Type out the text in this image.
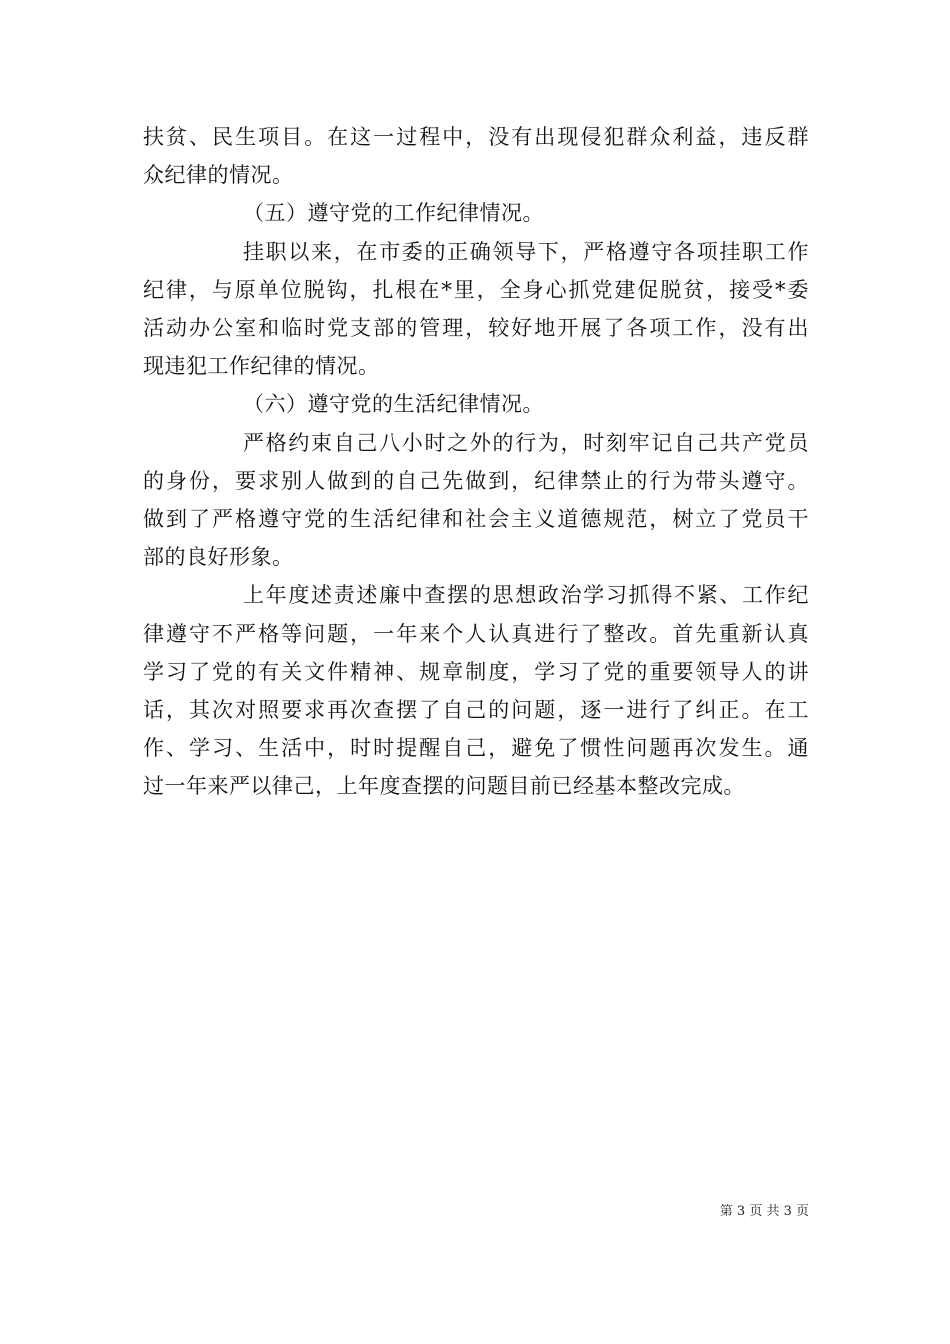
扶贫、民生项目。在这一过程中，没有出现侵犯群众利益，违反群
众纪律的情况。

（五）遵守党的工作纪律情况。

挂职以来，在市委的正确领导下，严格遵守各项挂职工作
纪律，与原单位脱钩，扎根在*里，全身心抓党建促脱贫，接受*委
活动办公室和临时党支部的管理，较好地开展了各项工作，没有出
现违犯工作纪律的情况。

（六）遵守党的生活纪律情况。

严格约束自己八小时之外的行为，时刻牢记自己共产党员
的身份，要求别人做到的自己先做到，纪律禁止的行为带头遵守。
做到了严格遵守党的生活纪律和社会主义道德规范，树立了党员干
部的良好形象。

上年度述责述廉中查摆的思想政治学习抓得不紧、工作纪
律遵守不严格等问题，一年来个人认真进行了整改。首先重新认真
学习了党的有关文件精神、规章制度，学习了党的重要领导人的讲
话，其次对照要求再次查摆了自己的问题，逐一进行了纠正。在工
作、学习、生活中，时时提醒自己，避免了惯性问题再次发生。通
过一年来严以律己，上年度查摆的问题目前已经基本整改完成。

第 3 页 共 3 页
